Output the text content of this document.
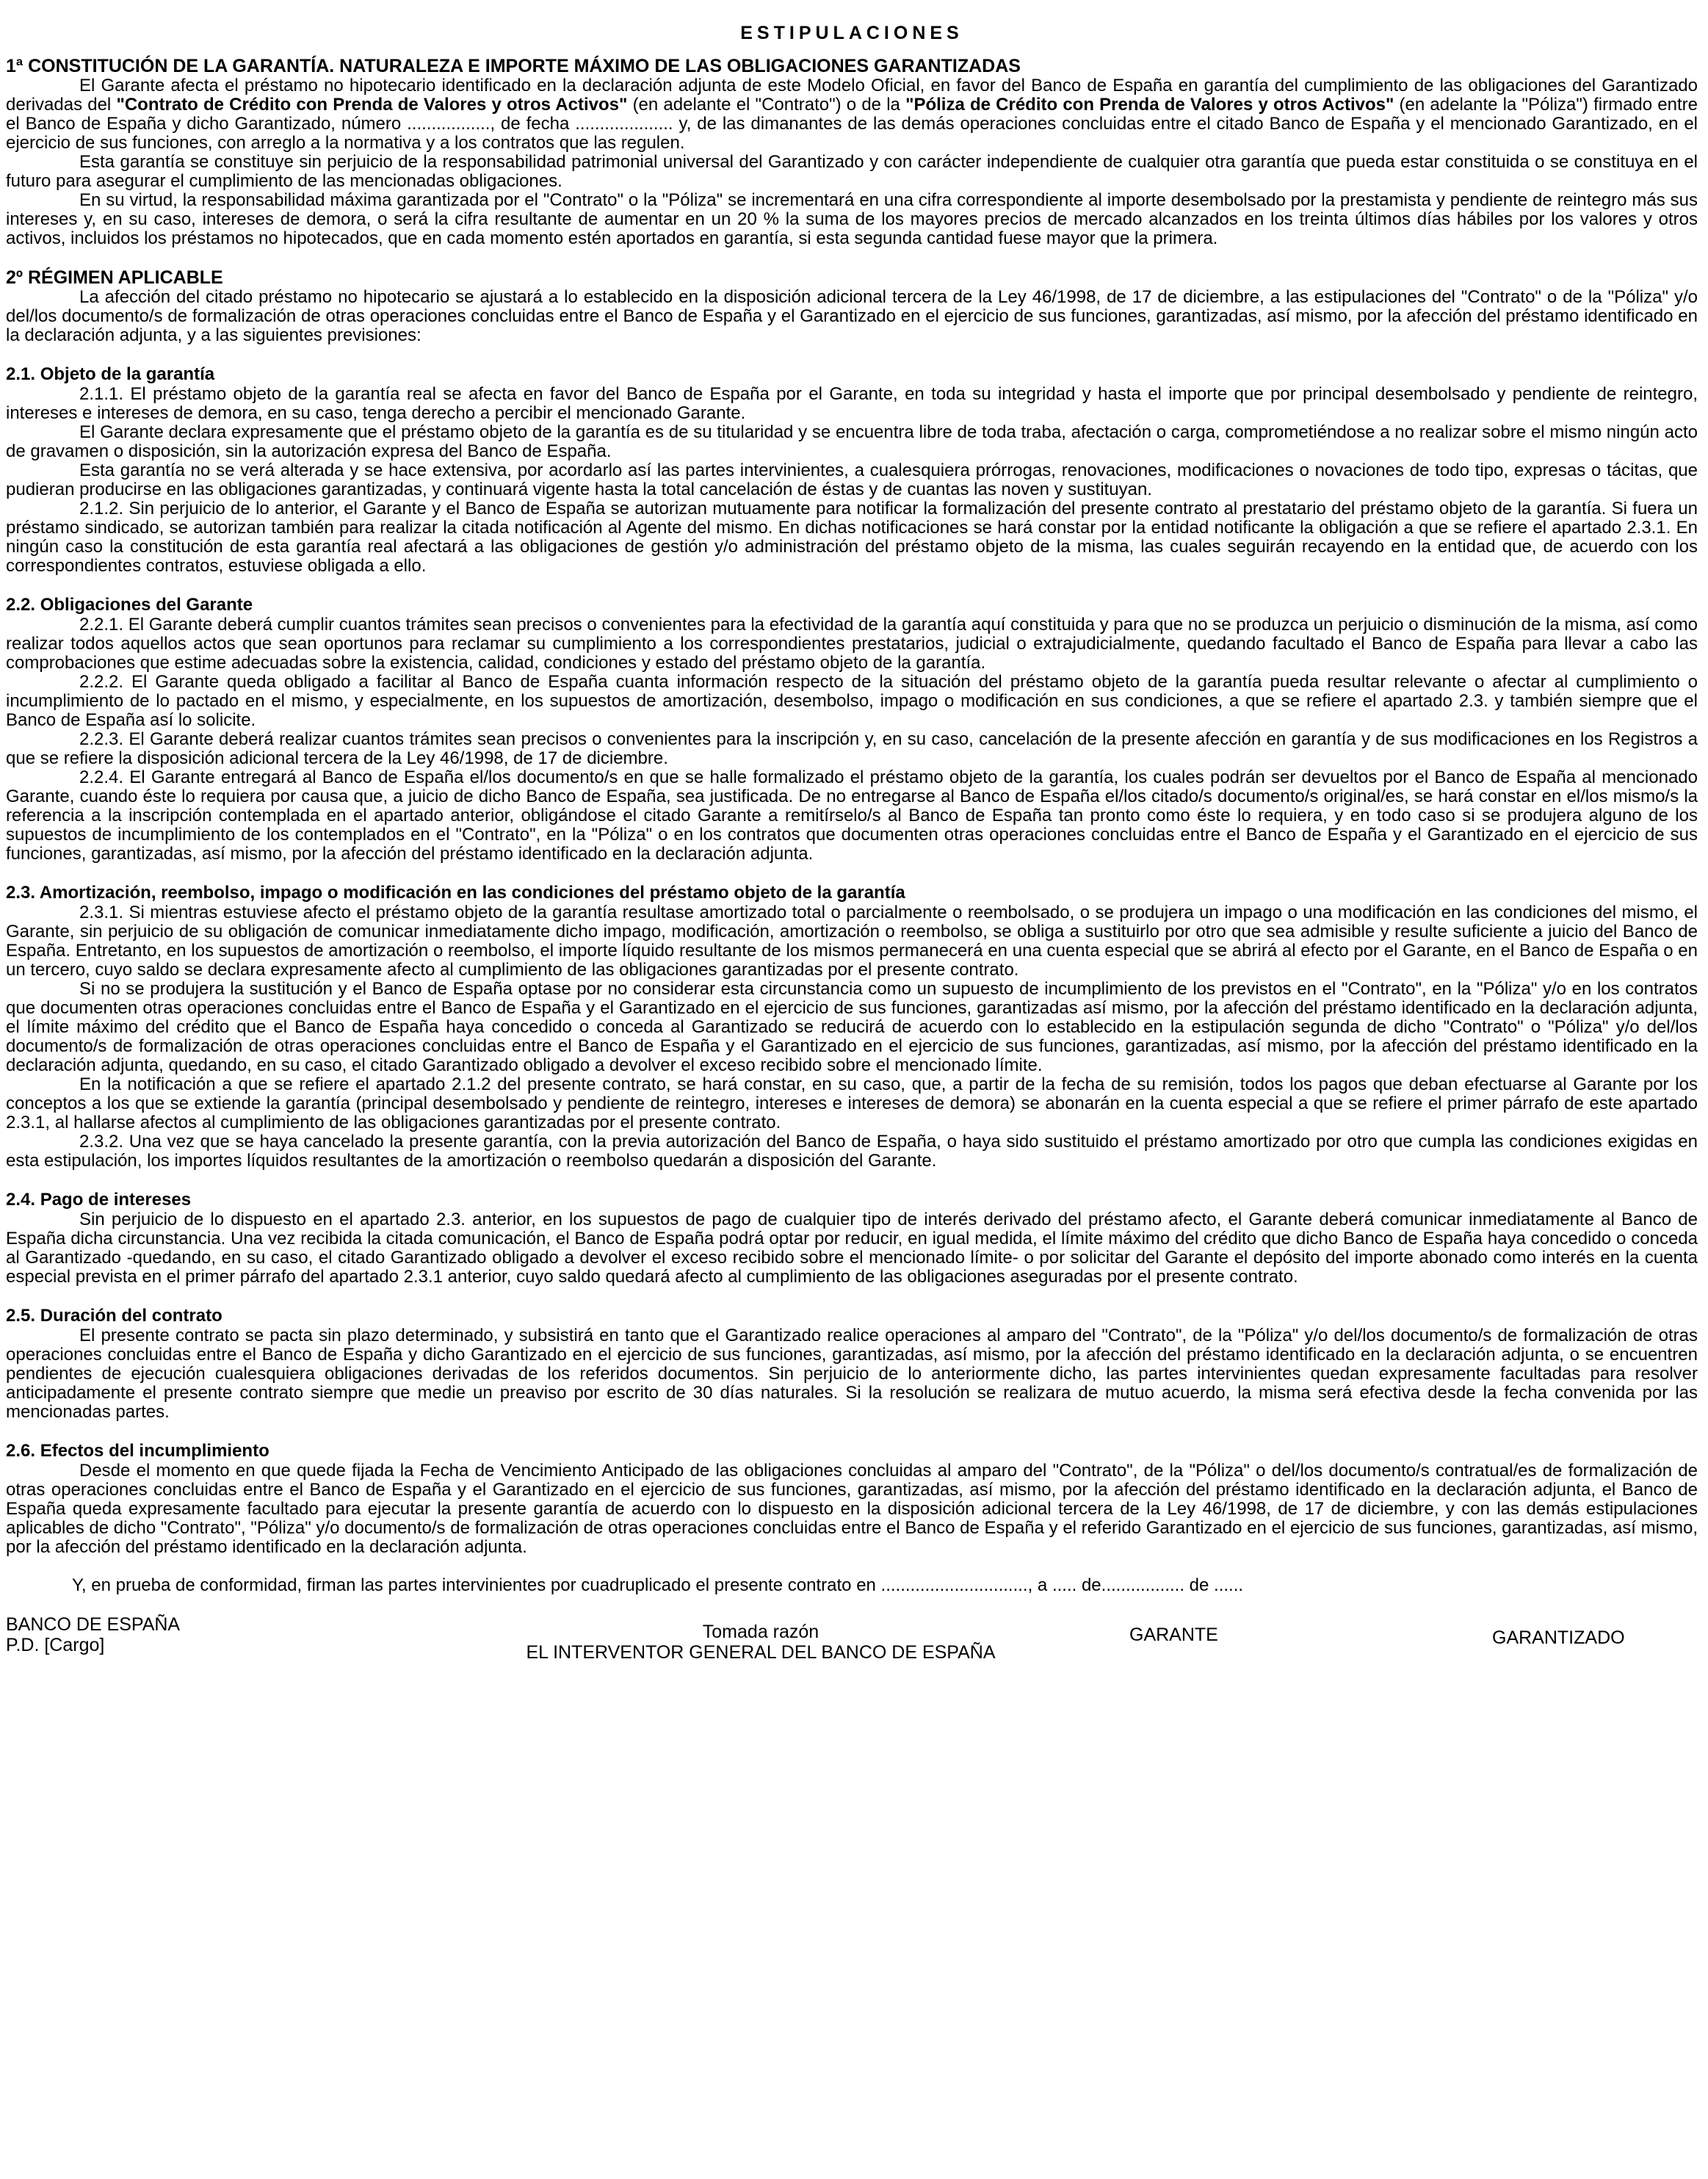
ESTIPULACIONES
1ª CONSTITUCIÓN DE LA GARANTÍA. NATURALEZA E IMPORTE MÁXIMO DE LAS OBLIGACIONES GARANTIZADAS

El Garante afecta el préstamo no hipotecario identificado en la declaración adjunta de este Modelo Oficial, en favor del Banco de España en garantía del cumplimiento de las obligaciones del Garantizado derivadas del "Contrato de Crédito con Prenda de Valores y otros Activos" (en adelante el "Contrato") o de la "Póliza de Crédito con Prenda de Valores y otros Activos" (en adelante la "Póliza") firmado entre el Banco de España y dicho Garantizado, número ................., de fecha .................... y, de las dimanantes de las demás operaciones concluidas entre el citado Banco de España y el mencionado Garantizado, en el ejercicio de sus funciones, con arreglo a la normativa y a los contratos que las regulen.

Esta garantía se constituye sin perjuicio de la responsabilidad patrimonial universal del Garantizado y con carácter independiente de cualquier otra garantía que pueda estar constituida o se constituya en el futuro para asegurar el cumplimiento de las mencionadas obligaciones.

En su virtud, la responsabilidad máxima garantizada por el "Contrato" o la "Póliza" se incrementará en una cifra correspondiente al importe desembolsado por la prestamista y pendiente de reintegro más sus intereses y, en su caso, intereses de demora, o será la cifra resultante de aumentar en un 20 % la suma de los mayores precios de mercado alcanzados en los treinta últimos días hábiles por los valores y otros activos, incluidos los préstamos no hipotecados, que en cada momento estén aportados en garantía, si esta segunda cantidad fuese mayor que la primera.

2º RÉGIMEN APLICABLE

La afección del citado préstamo no hipotecario se ajustará a lo establecido en la disposición adicional tercera de la Ley 46/1998, de 17 de diciembre, a las estipulaciones del "Contrato" o de la "Póliza" y/o del/los documento/s de formalización de otras operaciones concluidas entre el Banco de España y el Garantizado en el ejercicio de sus funciones, garantizadas, así mismo, por la afección del préstamo identificado en la declaración adjunta, y a las siguientes previsiones:

2.1. Objeto de la garantía

2.1.1. El préstamo objeto de la garantía real se afecta en favor del Banco de España por el Garante, en toda su integridad y hasta el importe que por principal desembolsado y pendiente de reintegro, intereses e intereses de demora, en su caso, tenga derecho a percibir el mencionado Garante.

El Garante declara expresamente que el préstamo objeto de la garantía es de su titularidad y se encuentra libre de toda traba, afectación o carga, comprometiéndose a no realizar sobre el mismo ningún acto de gravamen o disposición, sin la autorización expresa del Banco de España.

Esta garantía no se verá alterada y se hace extensiva, por acordarlo así las partes intervinientes, a cualesquiera prórrogas, renovaciones, modificaciones o novaciones de todo tipo, expresas o tácitas, que pudieran producirse en las obligaciones garantizadas, y continuará vigente hasta la total cancelación de éstas y de cuantas las noven y sustituyan.

2.1.2. Sin perjuicio de lo anterior, el Garante y el Banco de España se autorizan mutuamente para notificar la formalización del presente contrato al prestatario del préstamo objeto de la garantía. Si fuera un préstamo sindicado, se autorizan también para realizar la citada notificación al Agente del mismo. En dichas notificaciones se hará constar por la entidad notificante la obligación a que se refiere el apartado 2.3.1. En ningún caso la constitución de esta garantía real afectará a las obligaciones de gestión y/o administración del préstamo objeto de la misma, las cuales seguirán recayendo en la entidad que, de acuerdo con los correspondientes contratos, estuviese obligada a ello.

2.2. Obligaciones del Garante

2.2.1. El Garante deberá cumplir cuantos trámites sean precisos o convenientes para la efectividad de la garantía aquí constituida y para que no se produzca un perjuicio o disminución de la misma, así como realizar todos aquellos actos que sean oportunos para reclamar su cumplimiento a los correspondientes prestatarios, judicial o extrajudicialmente, quedando facultado el Banco de España para llevar a cabo las comprobaciones que estime adecuadas sobre la existencia, calidad, condiciones y estado del préstamo objeto de la garantía.

2.2.2. El Garante queda obligado a facilitar al Banco de España cuanta información respecto de la situación del préstamo objeto de la garantía pueda resultar relevante o afectar al cumplimiento o incumplimiento de lo pactado en el mismo, y especialmente, en los supuestos de amortización, desembolso, impago o modificación en sus condiciones, a que se refiere el apartado 2.3. y también siempre que el Banco de España así lo solicite.

2.2.3. El Garante deberá realizar cuantos trámites sean precisos o convenientes para la inscripción y, en su caso, cancelación de la presente afección en garantía y de sus modificaciones en los Registros a que se refiere la disposición adicional tercera de la Ley 46/1998, de 17 de diciembre.

2.2.4. El Garante entregará al Banco de España el/los documento/s en que se halle formalizado el préstamo objeto de la garantía, los cuales podrán ser devueltos por el Banco de España al mencionado Garante, cuando éste lo requiera por causa que, a juicio de dicho Banco de España, sea justificada. De no entregarse al Banco de España el/los citado/s documento/s original/es, se hará constar en el/los mismo/s la referencia a la inscripción contemplada en el apartado anterior, obligándose el citado Garante a remitírselo/s al Banco de España tan pronto como éste lo requiera, y en todo caso si se produjera alguno de los supuestos de incumplimiento de los contemplados en el "Contrato", en la "Póliza" o en los contratos que documenten otras operaciones concluidas entre el Banco de España y el Garantizado en el ejercicio de sus funciones, garantizadas, así mismo, por la afección del préstamo identificado en la declaración adjunta.

2.3. Amortización, reembolso, impago o modificación en las condiciones del préstamo objeto de la garantía

2.3.1. Si mientras estuviese afecto el préstamo objeto de la garantía resultase amortizado total o parcialmente o reembolsado, o se produjera un impago o una modificación en las condiciones del mismo, el Garante, sin perjuicio de su obligación de comunicar inmediatamente dicho impago, modificación, amortización o reembolso, se obliga a sustituirlo por otro que sea admisible y resulte suficiente a juicio del Banco de España. Entretanto, en los supuestos de amortización o reembolso, el importe líquido resultante de los mismos permanecerá en una cuenta especial que se abrirá al efecto por el Garante, en el Banco de España o en un tercero, cuyo saldo se declara expresamente afecto al cumplimiento de las obligaciones garantizadas por el presente contrato.

Si no se produjera la sustitución y el Banco de España optase por no considerar esta circunstancia como un supuesto de incumplimiento de los previstos en el "Contrato", en la "Póliza" y/o en los contratos que documenten otras operaciones concluidas entre el Banco de España y el Garantizado en el ejercicio de sus funciones, garantizadas así mismo, por la afección del préstamo identificado en la declaración adjunta, el límite máximo del crédito que el Banco de España haya concedido o conceda al Garantizado se reducirá de acuerdo con lo establecido en la estipulación segunda de dicho "Contrato" o "Póliza" y/o del/los documento/s de formalización de otras operaciones concluidas entre el Banco de España y el Garantizado en el ejercicio de sus funciones, garantizadas, así mismo, por la afección del préstamo identificado en la declaración adjunta, quedando, en su caso, el citado Garantizado obligado a devolver el exceso recibido sobre el mencionado límite.

En la notificación a que se refiere el apartado 2.1.2 del presente contrato, se hará constar, en su caso, que, a partir de la fecha de su remisión, todos los pagos que deban efectuarse al Garante por los conceptos a los que se extiende la garantía (principal desembolsado y pendiente de reintegro, intereses e intereses de demora) se abonarán en la cuenta especial a que se refiere el primer párrafo de este apartado 2.3.1, al hallarse afectos al cumplimiento de las obligaciones garantizadas por el presente contrato.

2.3.2. Una vez que se haya cancelado la presente garantía, con la previa autorización del Banco de España, o haya sido sustituido el préstamo amortizado por otro que cumpla las condiciones exigidas en esta estipulación, los importes líquidos resultantes de la amortización o reembolso quedarán a disposición del Garante.

2.4. Pago de intereses

Sin perjuicio de lo dispuesto en el apartado 2.3. anterior, en los supuestos de pago de cualquier tipo de interés derivado del préstamo afecto, el Garante deberá comunicar inmediatamente al Banco de España dicha circunstancia. Una vez recibida la citada comunicación, el Banco de España podrá optar por reducir, en igual medida, el límite máximo del crédito que dicho Banco de España haya concedido o conceda al Garantizado -quedando, en su caso, el citado Garantizado obligado a devolver el exceso recibido sobre el mencionado límite- o por solicitar del Garante el depósito del importe abonado como interés en la cuenta especial prevista en el primer párrafo del apartado 2.3.1 anterior, cuyo saldo quedará afecto al cumplimiento de las obligaciones aseguradas por el presente contrato.

2.5. Duración del contrato

El presente contrato se pacta sin plazo determinado, y subsistirá en tanto que el Garantizado realice operaciones al amparo del "Contrato", de la "Póliza" y/o del/los documento/s de formalización de otras operaciones concluidas entre el Banco de España y dicho Garantizado en el ejercicio de sus funciones, garantizadas, así mismo, por la afección del préstamo identificado en la declaración adjunta, o se encuentren pendientes de ejecución cualesquiera obligaciones derivadas de los referidos documentos. Sin perjuicio de lo anteriormente dicho, las partes intervinientes quedan expresamente facultadas para resolver anticipadamente el presente contrato siempre que medie un preaviso por escrito de 30 días naturales. Si la resolución se realizara de mutuo acuerdo, la misma será efectiva desde la fecha convenida por las mencionadas partes.

2.6. Efectos del incumplimiento

Desde el momento en que quede fijada la Fecha de Vencimiento Anticipado de las obligaciones concluidas al amparo del "Contrato", de la "Póliza" o del/los documento/s contratual/es de formalización de otras operaciones concluidas entre el Banco de España y el Garantizado en el ejercicio de sus funciones, garantizadas, así mismo, por la afección del préstamo identificado en la declaración adjunta, el Banco de España queda expresamente facultado para ejecutar la presente garantía de acuerdo con lo dispuesto en la disposición adicional tercera de la Ley 46/1998, de 17 de diciembre, y con las demás estipulaciones aplicables de dicho "Contrato", "Póliza" y/o documento/s de formalización de otras operaciones concluidas entre el Banco de España y el referido Garantizado en el ejercicio de sus funciones, garantizadas, así mismo, por la afección del préstamo identificado en la declaración adjunta.

Y, en prueba de conformidad, firman las partes intervinientes por cuadruplicado el presente contrato en .............................., a ..... de................. de ......

BANCO DE ESPAÑA
P.D. [Cargo]
Tomada razón
EL INTERVENTOR GENERAL DEL BANCO DE ESPAÑA
GARANTE	GARANTIZADO
